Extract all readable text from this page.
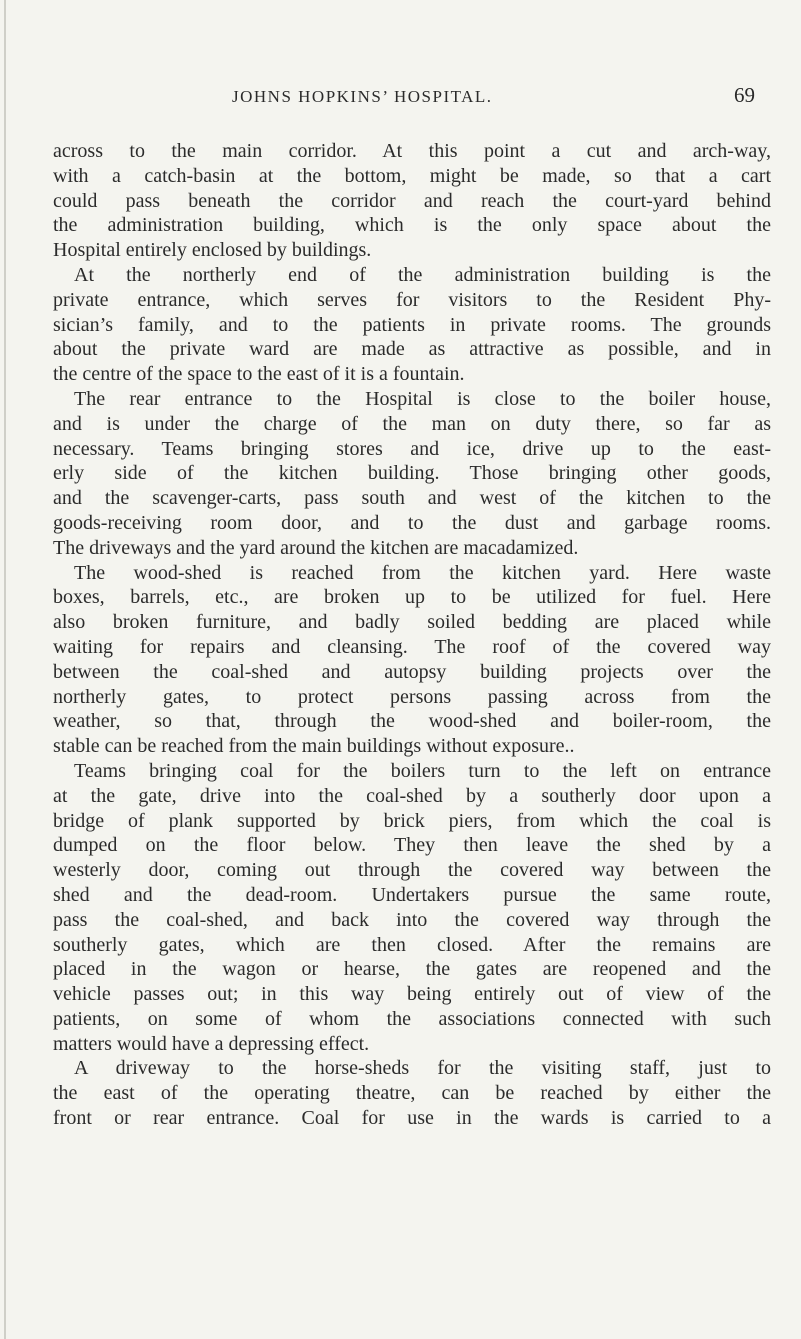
JOHNS HOPKINS’ HOSPITAL.	69
across to the main corridor. At this point a cut and arch-way,
with a catch-basin at the bottom, might be made, so that a cart
could pass beneath the corridor and reach the court-yard behind
the administration building, which is the only space about the
Hospital entirely enclosed by buildings.
At the northerly end of the administration building is the
private entrance, which serves for visitors to the Resident Phy-
sician’s family, and to the patients in private rooms. The grounds
about the private ward are made as attractive as possible, and in
the centre of the space to the east of it is a fountain.
The rear entrance to the Hospital is close to the boiler house,
and is under the charge of the man on duty there, so far as
necessary. Teams bringing stores and ice, drive up to the east-
erly side of the kitchen building. Those bringing other goods,
and the scavenger-carts, pass south and west of the kitchen to the
goods-receiving room door, and to the dust and garbage rooms.
The driveways and the yard around the kitchen are macadamized.
The wood-shed is reached from the kitchen yard. Here waste
boxes, barrels, etc., are broken up to be utilized for fuel. Here
also broken furniture, and badly soiled bedding are placed while
waiting for repairs and cleansing. The roof of the covered way
between the coal-shed and autopsy building projects over the
northerly gates, to protect persons passing across from the
weather, so that, through the wood-shed and boiler-room, the
stable can be reached from the main buildings without exposure..
Teams bringing coal for the boilers turn to the left on entrance
at the gate, drive into the coal-shed by a southerly door upon a
bridge of plank supported by brick piers, from which the coal is
dumped on the floor below. They then leave the shed by a
westerly door, coming out through the covered way between the
shed and the dead-room. Undertakers pursue the same route,
pass the coal-shed, and back into the covered way through the
southerly gates, which are then closed. After the remains are
placed in the wagon or hearse, the gates are reopened and the
vehicle passes out; in this way being entirely out of view of the
patients, on some of whom the associations connected with such
matters would have a depressing effect.
A driveway to the horse-sheds for the visiting staff, just to
the east of the operating theatre, can be reached by either the
front or rear entrance. Coal for use in the wards is carried to a
